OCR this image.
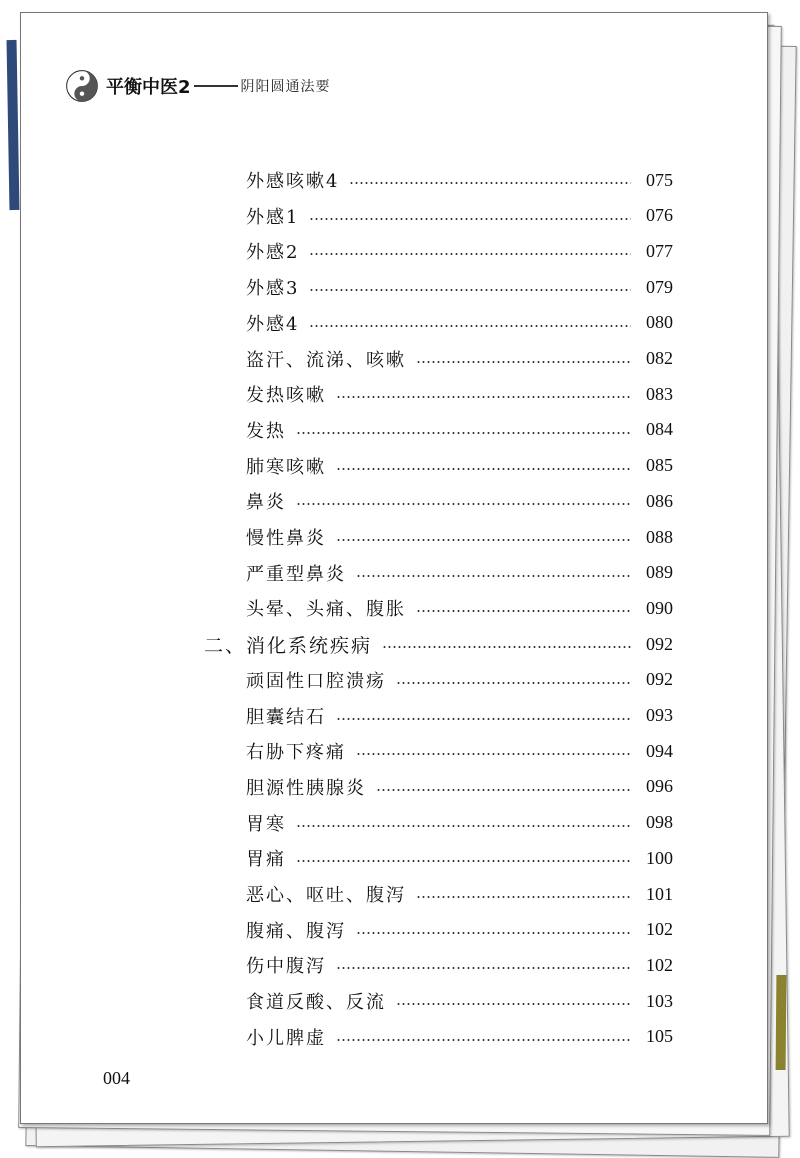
平衡中医2	阴阳圆通法要
外感咳嗽4	075
外感1	076
外感2	077
外感3	079
外感4	080
盗汗、流涕、咳嗽	082
发热咳嗽	083
发热	084
肺寒咳嗽	085
鼻炎	086
慢性鼻炎	088
严重型鼻炎	089
头晕、头痛、腹胀	090
二、消化系统疾病	092
顽固性口腔溃疡	092
胆囊结石	093
右胁下疼痛	094
胆源性胰腺炎	096
胃寒	098
胃痛	100
恶心、呕吐、腹泻	101
腹痛、腹泻	102
伤中腹泻	102
食道反酸、反流	103
小儿脾虚	105
004
